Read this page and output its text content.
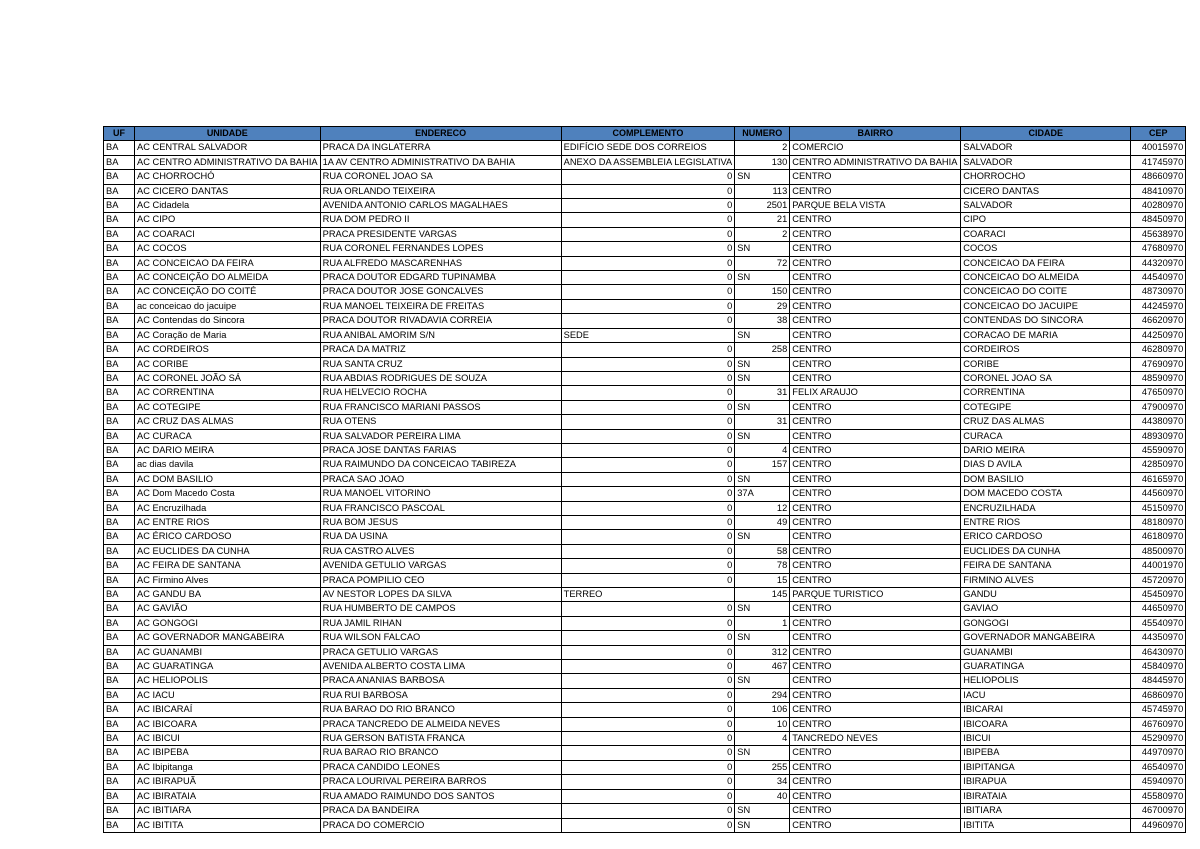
UF	UNIDADE	ENDERECO	COMPLEMENTO	NUMERO	BAIRRO	CIDADE	CEP
BA	AC CENTRAL SALVADOR	PRACA DA INGLATERRA	EDIFÍCIO SEDE DOS CORREIOS	2	COMERCIO	SALVADOR	40015970
BA	AC CENTRO ADMINISTRATIVO DA BAHIA	1A AV CENTRO ADMINISTRATIVO DA BAHIA	ANEXO DA ASSEMBLEIA LEGISLATIVA	130	CENTRO ADMINISTRATIVO DA BAHIA	SALVADOR	41745970
BA	AC CHORROCHÓ	RUA CORONEL JOAO SA	0	SN	CENTRO	CHORROCHO	48660970
BA	AC CICERO DANTAS	RUA ORLANDO TEIXEIRA	0	113	CENTRO	CICERO DANTAS	48410970
BA	AC Cidadela	AVENIDA ANTONIO CARLOS MAGALHAES	0	2501	PARQUE BELA VISTA	SALVADOR	40280970
BA	AC CIPO	RUA DOM PEDRO II	0	21	CENTRO	CIPO	48450970
BA	AC COARACI	PRACA PRESIDENTE VARGAS	0	2	CENTRO	COARACI	45638970
BA	AC COCOS	RUA CORONEL FERNANDES LOPES	0	SN	CENTRO	COCOS	47680970
BA	AC CONCEICAO DA FEIRA	RUA ALFREDO MASCARENHAS	0	72	CENTRO	CONCEICAO DA FEIRA	44320970
BA	AC CONCEIÇÃO DO ALMEIDA	PRACA DOUTOR EDGARD TUPINAMBA	0	SN	CENTRO	CONCEICAO DO ALMEIDA	44540970
BA	AC CONCEIÇÃO DO COITÉ	PRACA DOUTOR JOSE GONCALVES	0	150	CENTRO	CONCEICAO DO COITE	48730970
BA	ac conceicao do jacuipe	RUA MANOEL TEIXEIRA DE FREITAS	0	29	CENTRO	CONCEICAO DO JACUIPE	44245970
BA	AC Contendas do Sincora	PRACA DOUTOR RIVADAVIA CORREIA	0	38	CENTRO	CONTENDAS DO SINCORA	46620970
BA	AC Coração de Maria	RUA ANIBAL AMORIM S/N	SEDE	SN	CENTRO	CORACAO DE MARIA	44250970
BA	AC CORDEIROS	PRACA DA MATRIZ	0	258	CENTRO	CORDEIROS	46280970
BA	AC CORIBE	RUA SANTA CRUZ	0	SN	CENTRO	CORIBE	47690970
BA	AC CORONEL JOÃO SÁ	RUA ABDIAS RODRIGUES DE SOUZA	0	SN	CENTRO	CORONEL JOAO SA	48590970
BA	AC CORRENTINA	RUA HELVECIO ROCHA	0	31	FELIX ARAUJO	CORRENTINA	47650970
BA	AC COTEGIPE	RUA FRANCISCO MARIANI PASSOS	0	SN	CENTRO	COTEGIPE	47900970
BA	AC CRUZ DAS ALMAS	RUA OTENS	0	31	CENTRO	CRUZ DAS ALMAS	44380970
BA	AC CURACA	RUA SALVADOR PEREIRA LIMA	0	SN	CENTRO	CURACA	48930970
BA	AC DARIO MEIRA	PRACA JOSE DANTAS FARIAS	0	4	CENTRO	DARIO MEIRA	45590970
BA	ac dias davila	RUA RAIMUNDO DA CONCEICAO TABIREZA	0	157	CENTRO	DIAS D AVILA	42850970
BA	AC DOM BASILIO	PRACA SAO JOAO	0	SN	CENTRO	DOM BASILIO	46165970
BA	AC Dom Macedo Costa	RUA MANOEL VITORINO	0	37A	CENTRO	DOM MACEDO COSTA	44560970
BA	AC Encruzilhada	RUA FRANCISCO PASCOAL	0	12	CENTRO	ENCRUZILHADA	45150970
BA	AC ENTRE RIOS	RUA BOM JESUS	0	49	CENTRO	ENTRE RIOS	48180970
BA	AC ÉRICO CARDOSO	RUA DA USINA	0	SN	CENTRO	ERICO CARDOSO	46180970
BA	AC EUCLIDES DA CUNHA	RUA CASTRO ALVES	0	58	CENTRO	EUCLIDES DA CUNHA	48500970
BA	AC FEIRA DE SANTANA	AVENIDA GETULIO VARGAS	0	78	CENTRO	FEIRA DE SANTANA	44001970
BA	AC Firmino Alves	PRACA POMPILIO CEO	0	15	CENTRO	FIRMINO ALVES	45720970
BA	AC GANDU BA	AV NESTOR LOPES DA SILVA	TERREO	145	PARQUE TURISTICO	GANDU	45450970
BA	AC GAVIÃO	RUA HUMBERTO DE CAMPOS	0	SN	CENTRO	GAVIAO	44650970
BA	AC GONGOGI	RUA JAMIL RIHAN	0	1	CENTRO	GONGOGI	45540970
BA	AC GOVERNADOR MANGABEIRA	RUA WILSON FALCAO	0	SN	CENTRO	GOVERNADOR MANGABEIRA	44350970
BA	AC GUANAMBI	PRACA GETULIO VARGAS	0	312	CENTRO	GUANAMBI	46430970
BA	AC GUARATINGA	AVENIDA ALBERTO COSTA LIMA	0	467	CENTRO	GUARATINGA	45840970
BA	AC HELIOPOLIS	PRACA ANANIAS BARBOSA	0	SN	CENTRO	HELIOPOLIS	48445970
BA	AC IACU	RUA RUI BARBOSA	0	294	CENTRO	IACU	46860970
BA	AC IBICARAÍ	RUA BARAO DO RIO BRANCO	0	106	CENTRO	IBICARAI	45745970
BA	AC IBICOARA	PRACA TANCREDO DE ALMEIDA NEVES	0	10	CENTRO	IBICOARA	46760970
BA	AC IBICUI	RUA GERSON BATISTA FRANCA	0	4	TANCREDO NEVES	IBICUI	45290970
BA	AC IBIPEBA	RUA BARAO RIO BRANCO	0	SN	CENTRO	IBIPEBA	44970970
BA	AC Ibipitanga	PRACA CANDIDO LEONES	0	255	CENTRO	IBIPITANGA	46540970
BA	AC IBIRAPUÃ	PRACA LOURIVAL PEREIRA BARROS	0	34	CENTRO	IBIRAPUA	45940970
BA	AC IBIRATAIA	RUA AMADO RAIMUNDO DOS SANTOS	0	40	CENTRO	IBIRATAIA	45580970
BA	AC IBITIARA	PRACA DA BANDEIRA	0	SN	CENTRO	IBITIARA	46700970
BA	AC IBITITA	PRACA DO COMERCIO	0	SN	CENTRO	IBITITA	44960970
